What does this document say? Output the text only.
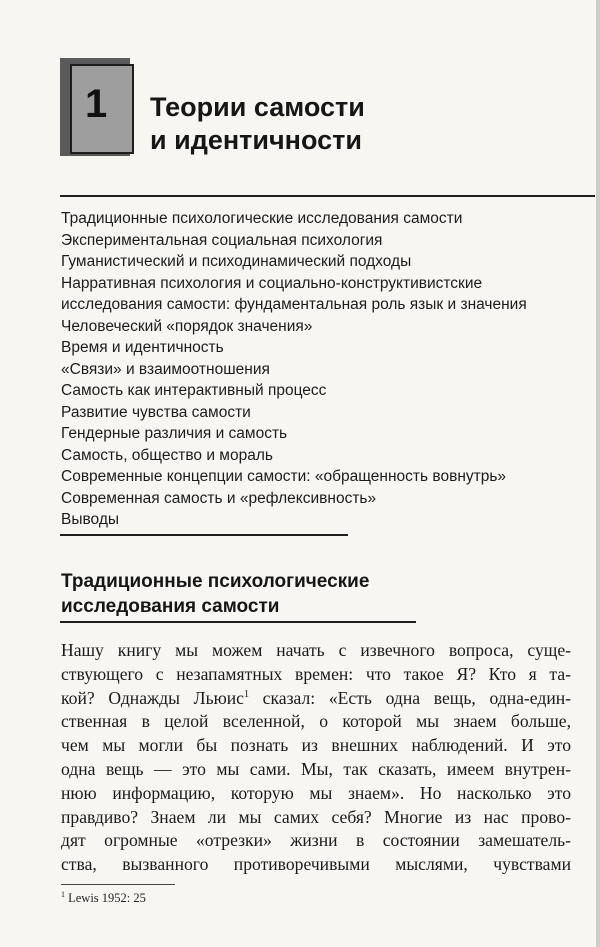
1 Теории самости
и идентичности
Традиционные психологические исследования самости
Экспериментальная социальная психология
Гуманистический и психодинамический подходы
Нарративная психология и социально-конструктивистские
исследования самости: фундаментальная роль язык и значения
Человеческий «порядок значения»
Время и идентичность
«Связи» и взаимоотношения
Самость как интерактивный процесс
Развитие чувства самости
Гендерные различия и самость
Самость, общество и мораль
Современные концепции самости: «обращенность вовнутрь»
Современная самость и «рефлексивность»
Выводы
Традиционные психологические
исследования самости
Нашу книгу мы можем начать с извечного вопроса, суще-
ствующего с незапамятных времен: что такое Я? Кто я та-
кой? Однажды Льюис$^1$ сказал: «Есть одна вещь, одна-един-
ственная в целой вселенной, о которой мы знаем больше,
чем мы могли бы познать из внешних наблюдений. И это
одна вещь — это мы сами. Мы, так сказать, имеем внутрен-
нюю информацию, которую мы знаем». Но насколько это
правдиво? Знаем ли мы самих себя? Многие из нас прово-
дят огромные «отрезки» жизни в состоянии замешатель-
ства, вызванного противоречивыми мыслями, чувствами
$^1$ Lewis 1952: 25
